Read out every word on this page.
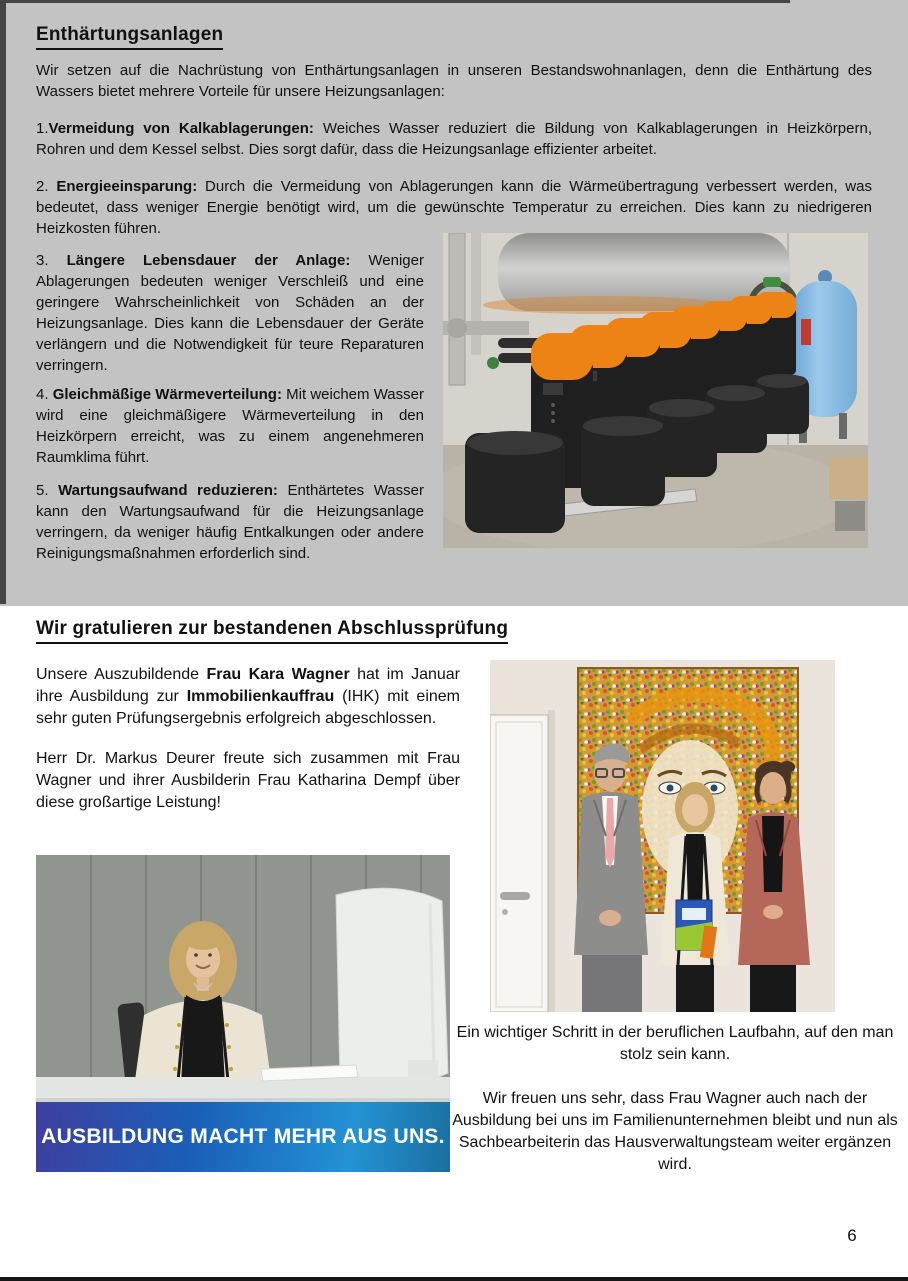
Enthärtungsanlagen

Wir setzen auf die Nachrüstung von Enthärtungsanlagen in unseren Bestandswohnanlagen, denn die Enthärtung des Wassers bietet mehrere Vorteile für unsere Heizungsanlagen:

1.Vermeidung von Kalkablagerungen: Weiches Wasser reduziert die Bildung von Kalkablagerungen in Heizkörpern, Rohren und dem Kessel selbst. Dies sorgt dafür, dass die Heizungsanlage effizienter arbeitet.

2. Energieeinsparung: Durch die Vermeidung von Ablagerungen kann die Wärmeübertragung verbessert werden, was bedeutet, dass weniger Energie benötigt wird, um die gewünschte Temperatur zu erreichen. Dies kann zu niedrigeren Heizkosten führen.

3. Längere Lebensdauer der Anlage: Weniger Ablagerungen bedeuten weniger Verschleiß und eine geringere Wahrscheinlichkeit von Schäden an der Heizungsanlage. Dies kann die Lebensdauer der Geräte verlängern und die Notwendigkeit für teure Reparaturen verringern.

4. Gleichmäßige Wärmeverteilung: Mit weichem Wasser wird eine gleichmäßigere Wärmeverteilung in den Heizkörpern erreicht, was zu einem angenehmeren Raumklima führt.

5. Wartungsaufwand reduzieren: Enthärtetes Wasser kann den Wartungsaufwand für die Heizungsanlage verringern, da weniger häufig Entkalkungen oder andere Reinigungsmaßnahmen erforderlich sind.

Wir gratulieren zur bestandenen Abschlussprüfung

Unsere Auszubildende Frau Kara Wagner hat im Januar ihre Ausbildung zur Immobilienkauffrau (IHK) mit einem sehr guten Prüfungsergebnis erfolgreich abgeschlossen.

Herr Dr. Markus Deurer freute sich zusammen mit Frau Wagner und ihrer Ausbilderin Frau Katharina Dempf über diese großartige Leistung!

AUSBILDUNG MACHT MEHR AUS UNS.

Ein wichtiger Schritt in der beruflichen Laufbahn, auf den man stolz sein kann.

Wir freuen uns sehr, dass Frau Wagner auch nach der Ausbildung bei uns im Familienunternehmen bleibt und nun als Sachbearbeiterin das Hausverwaltungsteam weiter ergänzen wird.

6
